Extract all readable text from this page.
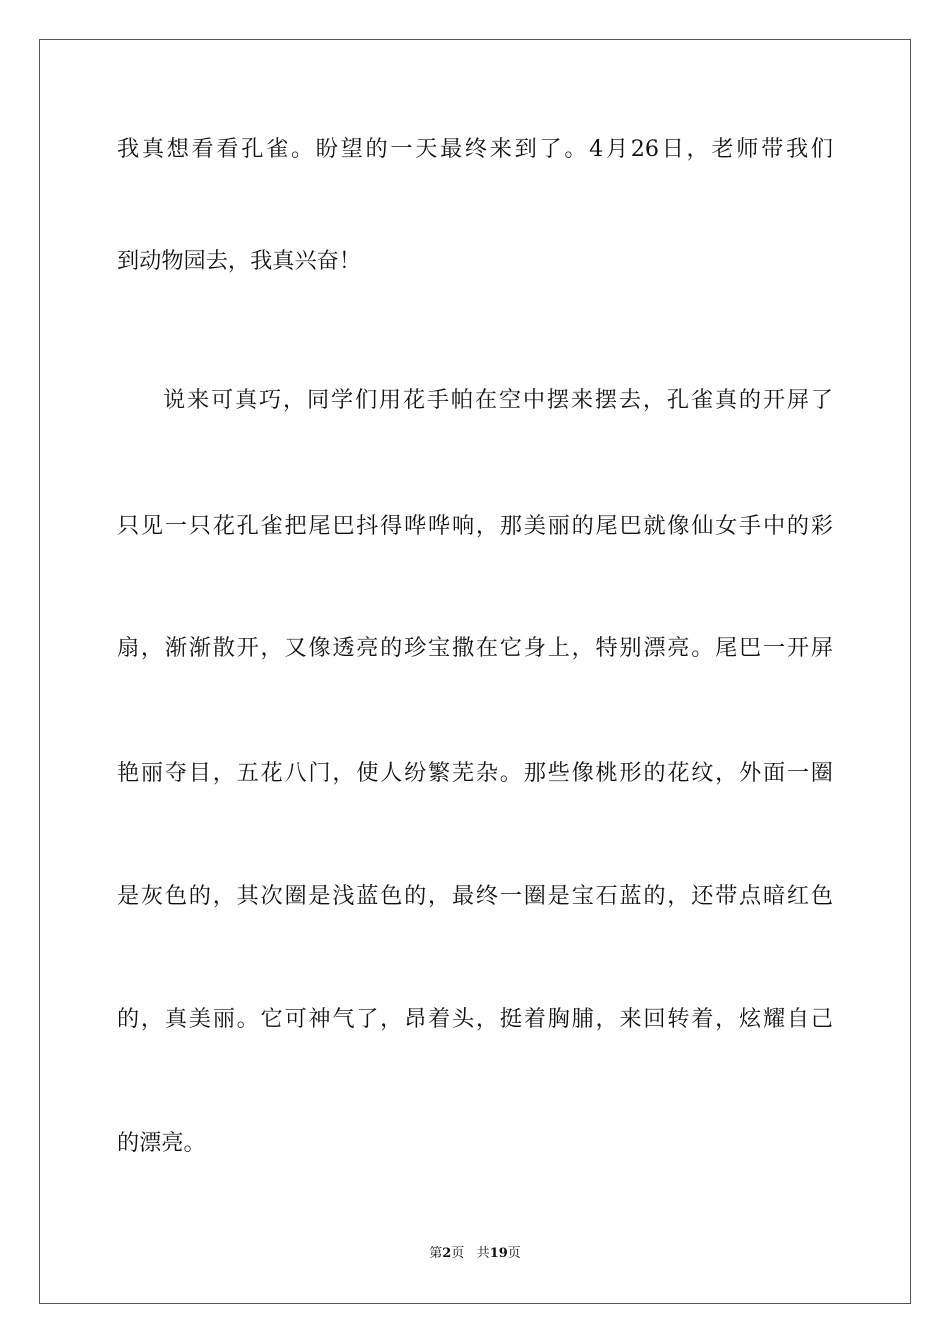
我真想看看孔雀。盼望的一天最终来到了。4月26日，老师带我们
到动物园去，我真兴奋！
说来可真巧，同学们用花手帕在空中摆来摆去，孔雀真的开屏了
只见一只花孔雀把尾巴抖得哗哗响，那美丽的尾巴就像仙女手中的彩
扇，渐渐散开，又像透亮的珍宝撒在它身上，特别漂亮。尾巴一开屏
艳丽夺目，五花八门，使人纷繁芜杂。那些像桃形的花纹，外面一圈
是灰色的，其次圈是浅蓝色的，最终一圈是宝石蓝的，还带点暗红色
的，真美丽。它可神气了，昂着头，挺着胸脯，来回转着，炫耀自己
的漂亮。
第2页 共19页
